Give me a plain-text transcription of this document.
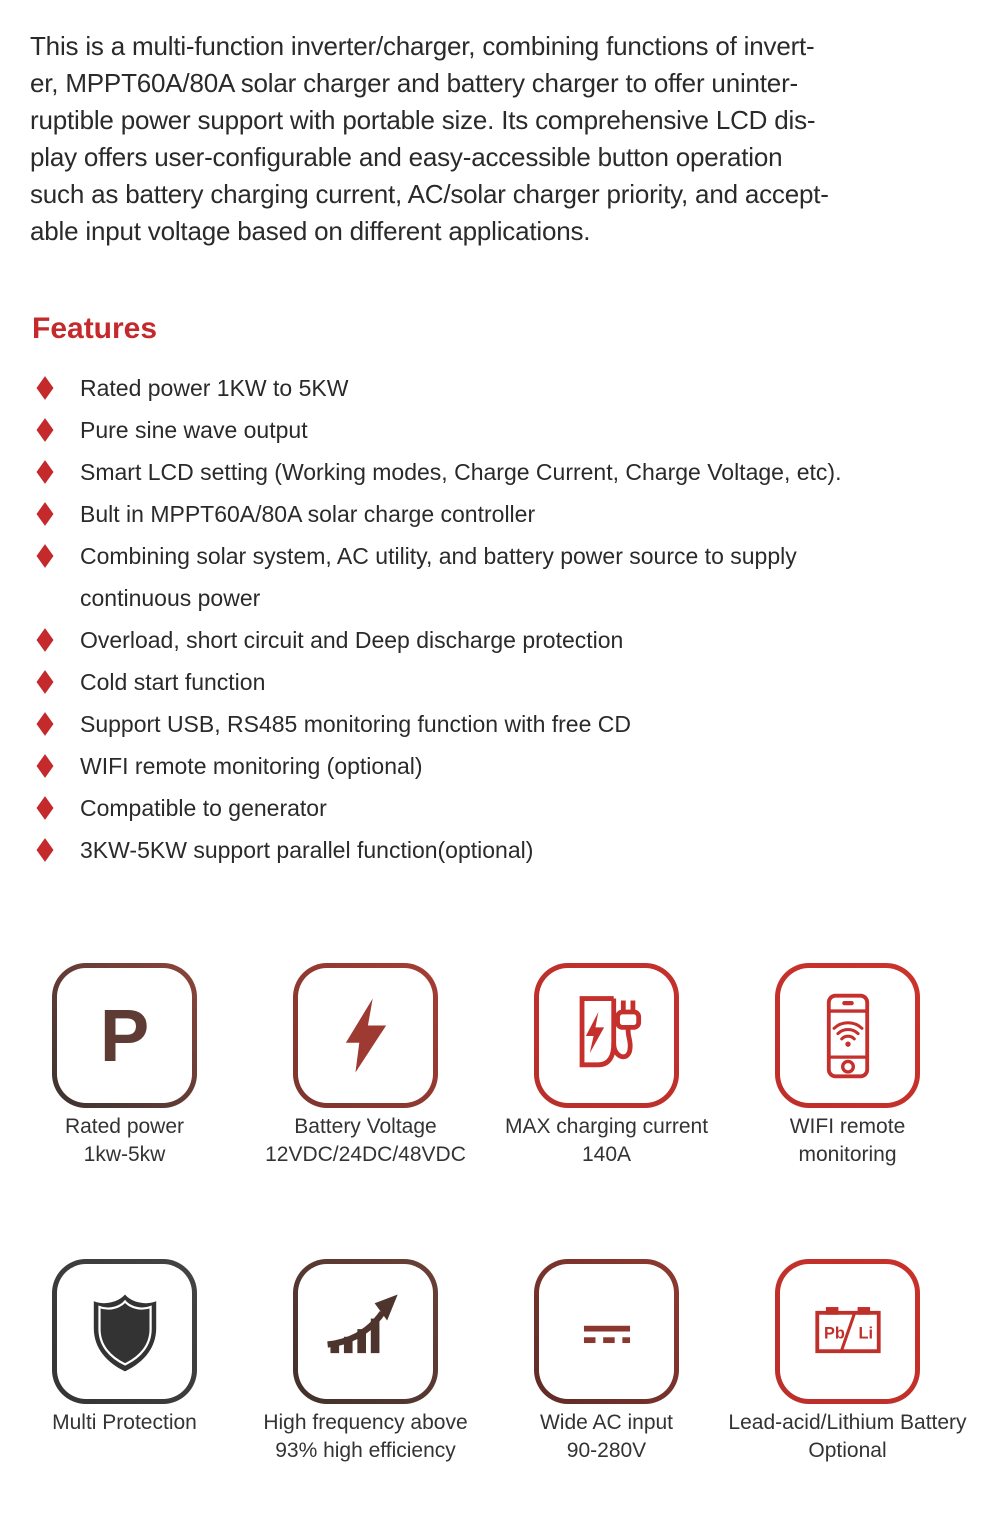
This is a multi-function inverter/charger, combining functions of invert-
er, MPPT60A/80A solar charger and battery charger to offer uninter-
ruptible power support with portable size. Its comprehensive LCD dis-
play offers user-configurable and easy-accessible button operation
such as battery charging current, AC/solar charger priority, and accept-
able input voltage based on different applications.
Features
Rated power 1KW to 5KW
Pure sine wave output
Smart LCD setting (Working modes, Charge Current, Charge Voltage, etc).
Bult in MPPT60A/80A solar charge controller
Combining solar system, AC utility, and battery power source to supply
continuous power
Overload, short circuit and Deep discharge protection
Cold start function
Support USB, RS485 monitoring function with free CD
WIFI remote monitoring (optional)
Compatible to generator
3KW-5KW support parallel function(optional)
P
Rated power
1kw-5kw
Battery Voltage
12VDC/24DC/48VDC
MAX charging current
140A
WIFI remote
monitoring
Multi Protection	High frequency above
93% high efficiency
Wide AC input
90-280V
Pb Li
Lead-acid/Lithium Battery
Optional
